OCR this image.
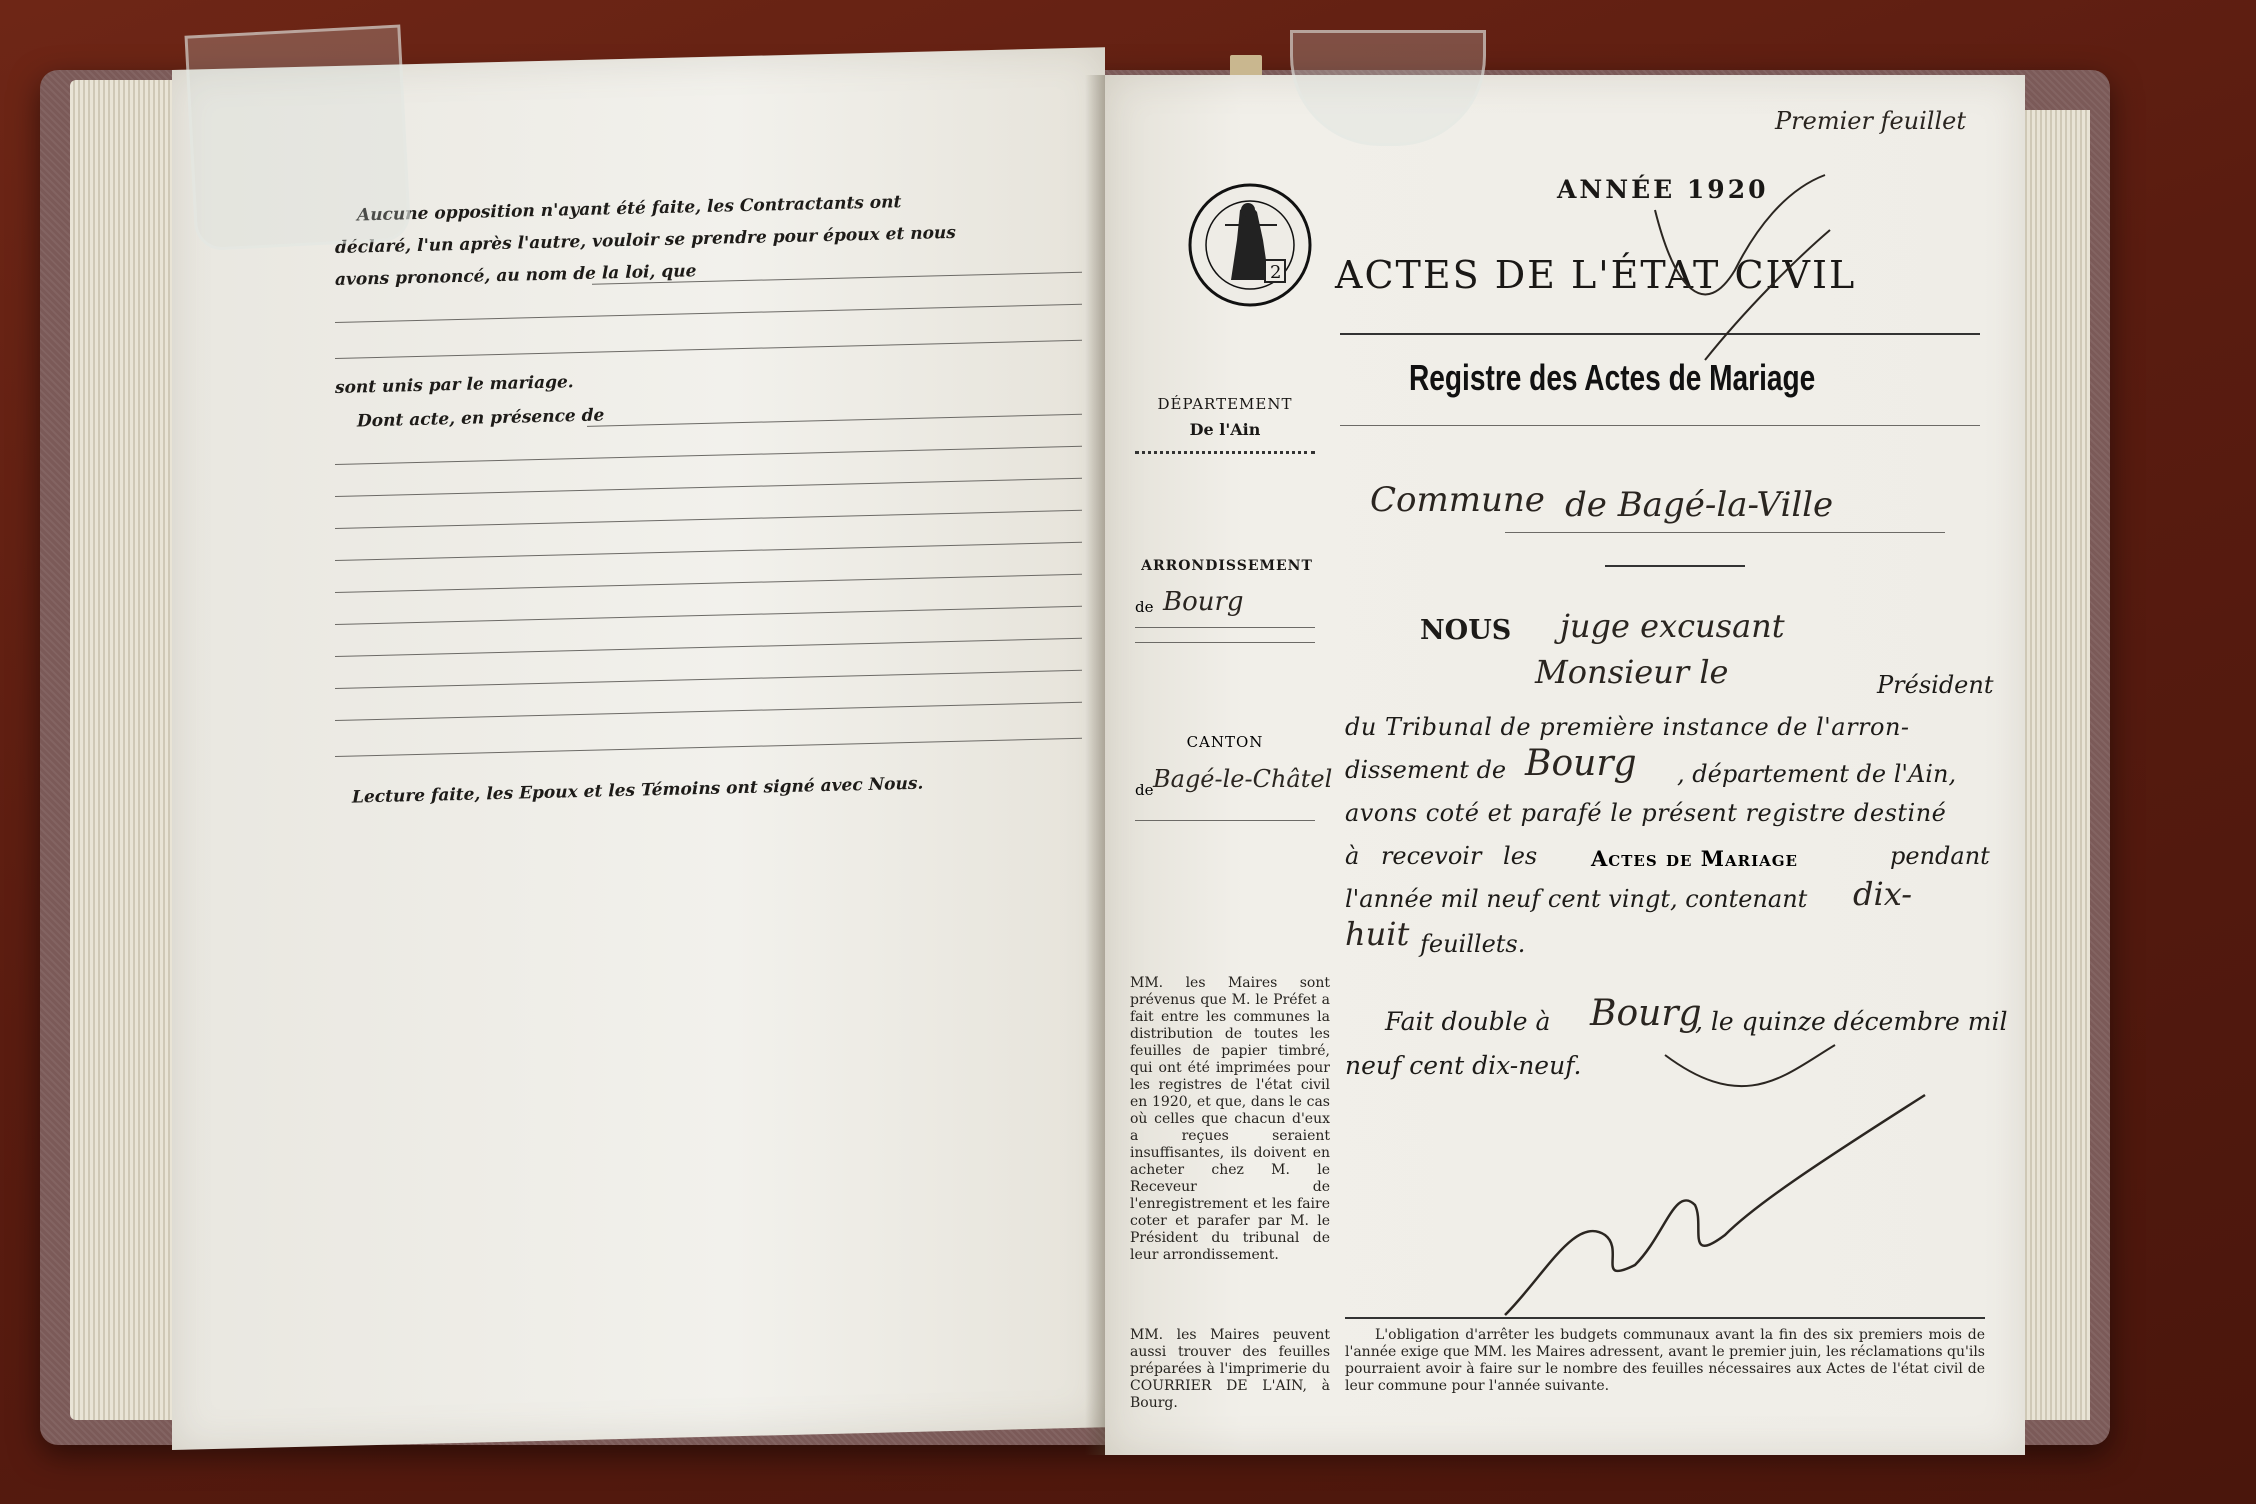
Aucune opposition n'ayant été faite, les Contractants ont
déclaré, l'un après l'autre, vouloir se prendre pour époux et nous
avons prononcé, au nom de la loi, que
sont unis par le mariage.
Dont acte, en présence de
Lecture faite, les Epoux et les Témoins ont signé avec Nous.
Premier feuillet
2
ANNÉE 1920
ACTES DE L'ÉTAT CIVIL
Registre des Actes de Mariage
Commune de Bagé-la-Ville
DÉPARTEMENT
De l'Ain
ARRONDISSEMENT
de Bourg
CANTON
de Bagé-le-Châtel
MM. les Maires sont prévenus que M. le Préfet a fait entre les communes la distribution de toutes les feuilles de papier timbré, qui ont été imprimées pour les registres de l'état civil en 1920, et que, dans le cas où celles que chacun d'eux a reçues seraient insuffisantes, ils doivent en acheter chez M. le Receveur de l'enregistrement et les faire coter et parafer par M. le Président du tribunal de leur arrondissement.
MM. les Maires peuvent aussi trouver des feuilles préparées à l'imprimerie du COURRIER DE L'AIN, à Bourg.
NOUS juge excusant
Monsieur le	Président
du Tribunal de première instance de l'arron-
dissement de Bourg , département de l'Ain,
avons coté et parafé le présent registre destiné
à recevoir les	Actes de Mariage	pendant
l'année mil neuf cent vingt, contenant dix-
huit feuillets.
Fait double à Bourg
, le quinze décembre mil
neuf cent dix-neuf.
L'obligation d'arrêter les budgets communaux avant la fin des six premiers mois de l'année exige que MM. les Maires adressent, avant le premier juin, les réclamations qu'ils pourraient avoir à faire sur le nombre des feuilles nécessaires aux Actes de l'état civil de leur commune pour l'année suivante.
